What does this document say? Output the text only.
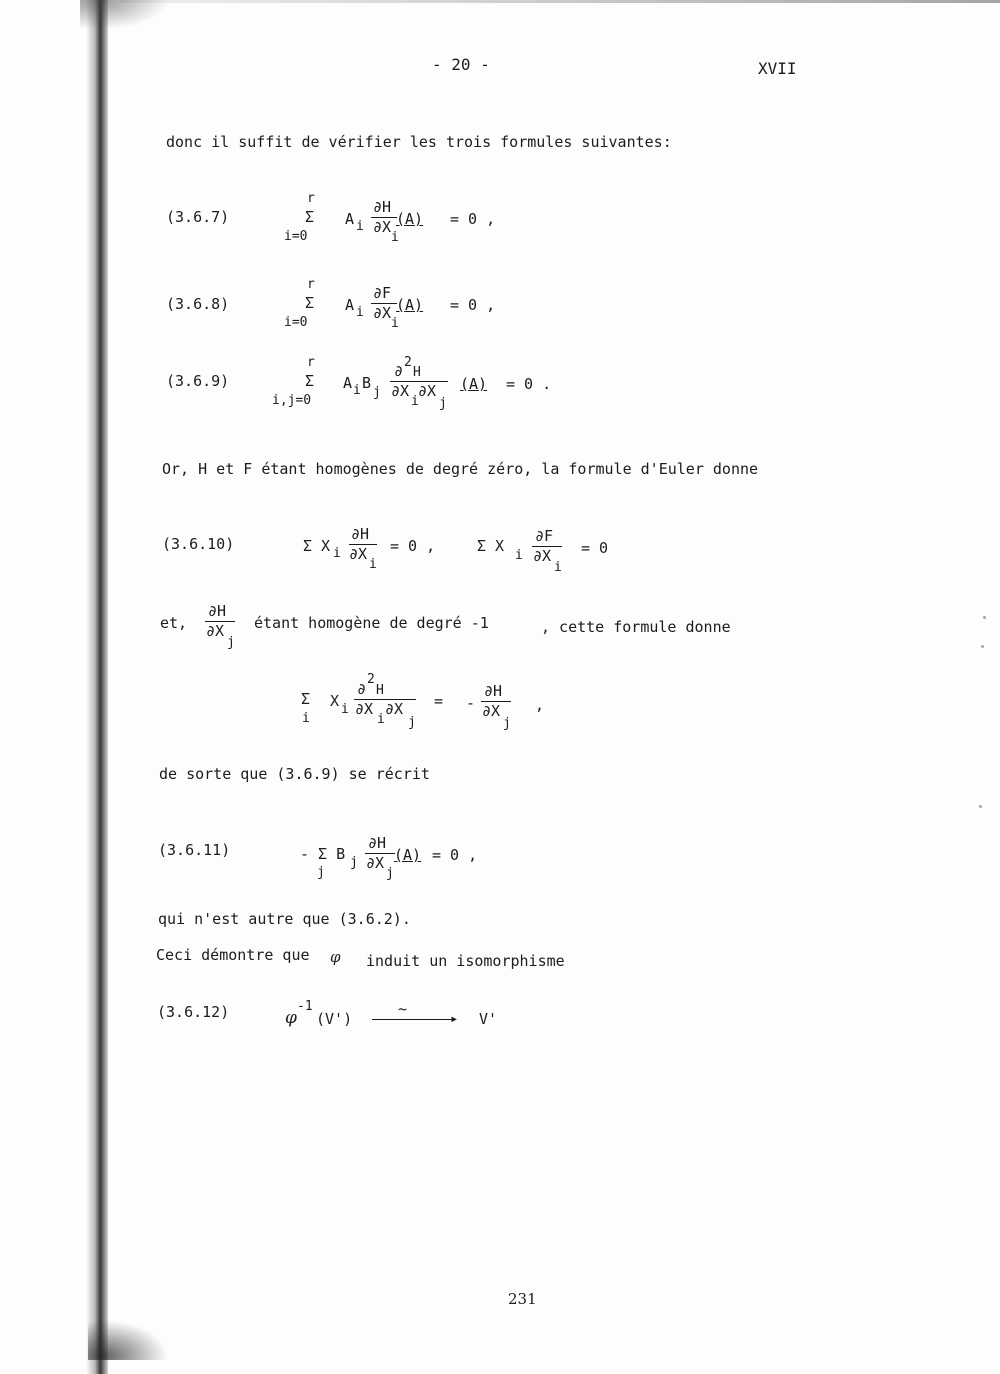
- 20 -	XVII
donc il suffit de vérifier les trois formules suivantes:
(3.6.7)
r
Σ
i=0
A i
∂H
∂X
i
(A) = 0 ,
(3.6.8)
r
Σ
i=0
A i
∂F
∂X
i
(A) = 0 ,
(3.6.9)
r
Σ
i,j=0
A i B
j
∂ 2
H
∂X
i
∂X
j
(A) = 0 .
Or, H et F étant homogènes de degré zéro, la formule d'Euler donne
(3.6.10)	Σ X i
∂H
∂X
i
= 0 ,	Σ X
i
∂F
∂X
i
= 0
et,
∂H
∂X
j
étant homogène de degré -1	, cette formule donne
Σ
i
X i
∂
2
H
∂X
i
∂X
j
= -
∂H
∂X
j
,
de sorte que (3.6.9) se récrit
(3.6.11)	- Σ B j
j
∂H
∂X
j
(A) = 0 ,
qui n'est autre que (3.6.2).
Ceci démontre que φ induit un isomorphisme
(3.6.12)	φ
-1
(V')
~
▸ V'
231
